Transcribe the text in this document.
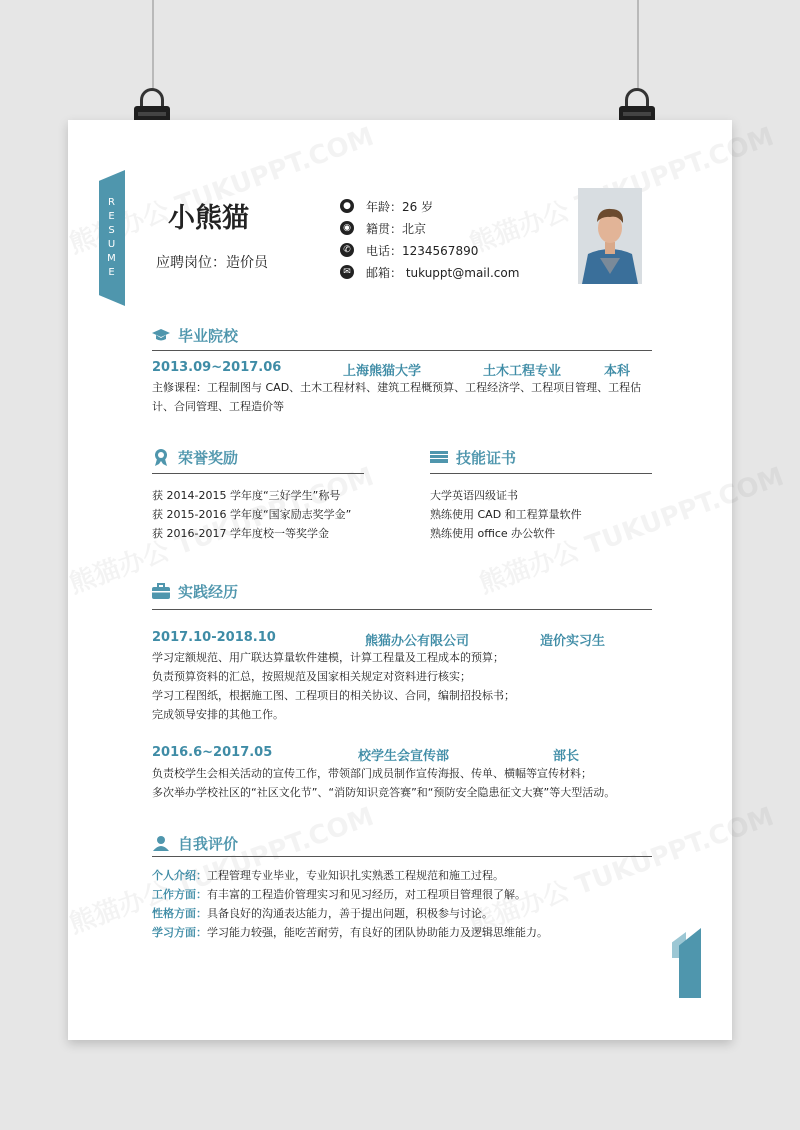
R
E
S
U
M
E
小熊猫
应聘岗位：造价员
● 年龄：26 岁
◉ 籍贯：北京
✆ 电话：1234567890
✉ 邮箱： tukuppt@mail.com
毕业院校
2013.09~2017.06	上海熊猫大学	土木工程专业	本科
主修课程：工程制图与 CAD、土木工程材料、建筑工程概预算、工程经济学、工程项目管理、工程估
计、合同管理、工程造价等
荣誉奖励
获 2014-2015 学年度“三好学生”称号
获 2015-2016 学年度“国家励志奖学金”
获 2016-2017 学年度校一等奖学金
技能证书
大学英语四级证书
熟练使用 CAD 和工程算量软件
熟练使用 office 办公软件
实践经历
2017.10-2018.10	熊猫办公有限公司	造价实习生
学习定额规范、用广联达算量软件建模，计算工程量及工程成本的预算；
负责预算资料的汇总，按照规范及国家相关规定对资料进行核实；
学习工程图纸，根据施工图、工程项目的相关协议、合同，编制招投标书；
完成领导安排的其他工作。
2016.6~2017.05	校学生会宣传部	部长
负责校学生会相关活动的宣传工作，带领部门成员制作宣传海报、传单、横幅等宣传材料；
多次举办学校社区的“社区文化节”、“消防知识竞答赛”和“预防安全隐患征文大赛”等大型活动。
自我评价
个人介绍：工程管理专业毕业，专业知识扎实熟悉工程规范和施工过程。
工作方面：有丰富的工程造价管理实习和见习经历，对工程项目管理很了解。
性格方面：具备良好的沟通表达能力，善于提出问题，积极参与讨论。
学习方面：学习能力较强，能吃苦耐劳，有良好的团队协助能力及逻辑思维能力。
